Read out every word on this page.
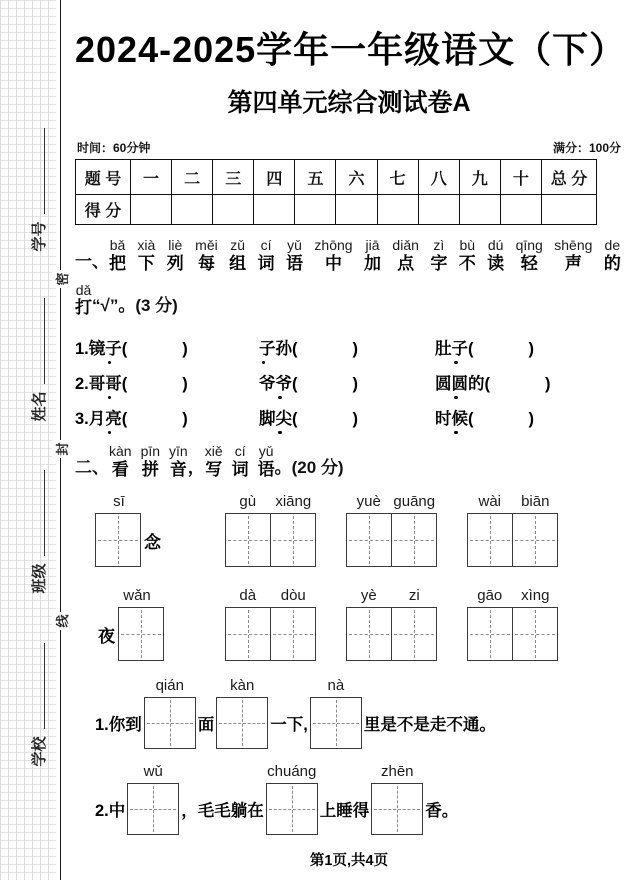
学号
姓名
班级
学校
密
封
线
2024-2025学年一年级语文（下）
第四单元综合测试卷A
时间：60分钟	满分：100分
题 号	一	二	三	四	五	六	七	八	九	十	总 分
得 分											
一、
bǎ
把
xià
下
liè
列
měi
每
zǔ
组
cí
词
yǔ
语
zhōng
中
jiā
加
diǎn
点
zì
字
bù
不
dú
读
qīng
轻
shēng
声
de
的
dǎ
打 “√”。(3 分)
1.镜子(            )	子孙(            )	肚子(            )
2.哥哥(            )	爷爷(            )	圆圆的(            )
3.月亮(            )	脚尖(            )	时候(            )
二、
kàn
看
pīn
拼
yīn
音 ，
xiě
写
cí
词
yǔ
语 。(20 分)
sī
念
gù	xiāng	yuè guāng	wài	biān
wǎn
夜
dà	dòu	yè	zi	gāo	xìng
1.你到
qián
面
kàn
一下,
nà
里是不是走不通。
2.中
wǔ
，毛毛躺在
chuáng
上睡得
zhēn
香。
第1页,共4页
